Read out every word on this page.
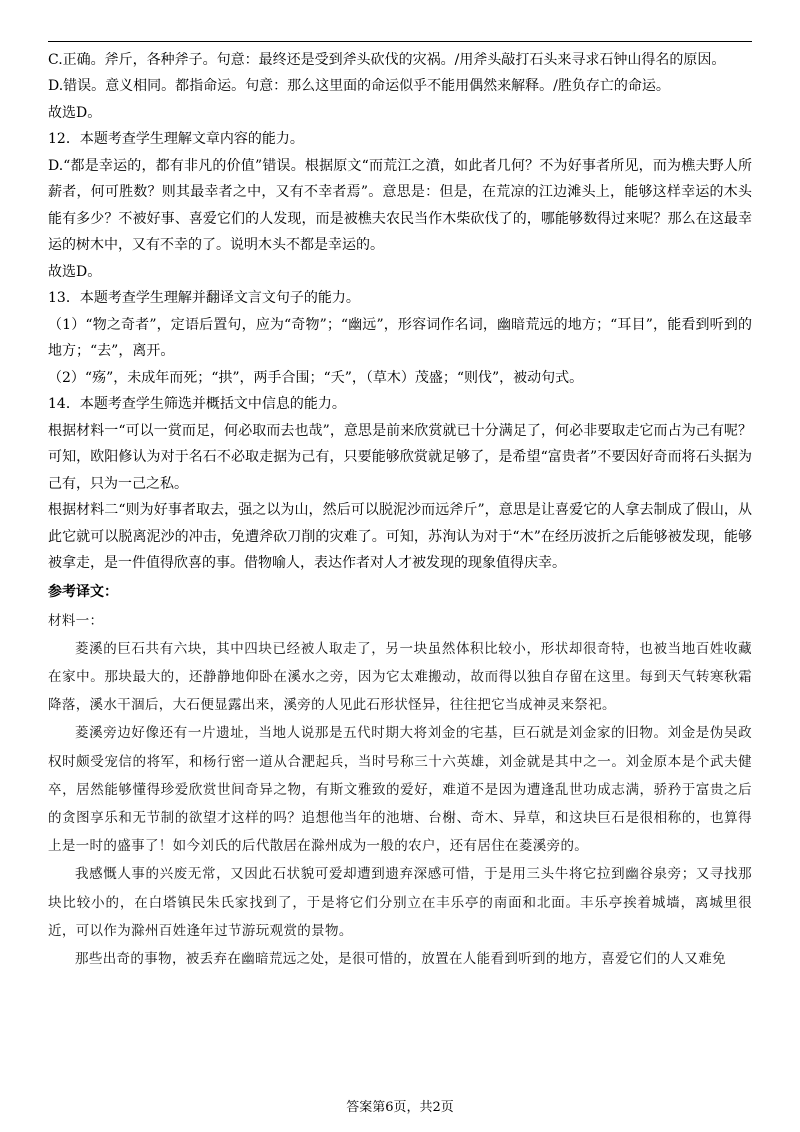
C.正确。斧斤，各种斧子。句意：最终还是受到斧头砍伐的灾祸。/用斧头敲打石头来寻求石钟山得名的原因。

D.错误。意义相同。都指命运。句意：那么这里面的命运似乎不能用偶然来解释。/胜负存亡的命运。

故选D。

12．本题考查学生理解文章内容的能力。

D.“都是幸运的，都有非凡的价值”错误。根据原文“而荒江之濆，如此者几何？不为好事者所见，而为樵夫野人所薪者，何可胜数？则其最幸者之中，又有不幸者焉”。意思是：但是，在荒凉的江边滩头上，能够这样幸运的木头能有多少？不被好事、喜爱它们的人发现，而是被樵夫农民当作木柴砍伐了的，哪能够数得过来呢？那么在这最幸运的树木中，又有不幸的了。说明木头不都是幸运的。

故选D。

13．本题考查学生理解并翻译文言文句子的能力。

（1）“物之奇者”，定语后置句，应为“奇物”；“幽远”，形容词作名词，幽暗荒远的地方；“耳目”，能看到听到的地方；“去”，离开。

（2）“殇”，未成年而死；“拱”，两手合围；“夭”，（草木）茂盛；“则伐”，被动句式。

14．本题考查学生筛选并概括文中信息的能力。

根据材料一“可以一赏而足，何必取而去也哉”，意思是前来欣赏就已十分满足了，何必非要取走它而占为己有呢？可知，欧阳修认为对于名石不必取走据为己有，只要能够欣赏就足够了，是希望“富贵者”不要因好奇而将石头据为己有，只为一己之私。

根据材料二“则为好事者取去，强之以为山，然后可以脱泥沙而远斧斤”，意思是让喜爱它的人拿去制成了假山，从此它就可以脱离泥沙的冲击，免遭斧砍刀削的灾难了。可知，苏洵认为对于“木”在经历波折之后能够被发现，能够被拿走，是一件值得欣喜的事。借物喻人，表达作者对人才被发现的现象值得庆幸。

参考译文：

材料一：

菱溪的巨石共有六块，其中四块已经被人取走了，另一块虽然体积比较小，形状却很奇特，也被当地百姓收藏在家中。那块最大的，还静静地仰卧在溪水之旁，因为它太难搬动，故而得以独自存留在这里。每到天气转寒秋霜降落，溪水干涸后，大石便显露出来，溪旁的人见此石形状怪异，往往把它当成神灵来祭祀。

菱溪旁边好像还有一片遗址，当地人说那是五代时期大将刘金的宅基，巨石就是刘金家的旧物。刘金是伪吴政权时颇受宠信的将军，和杨行密一道从合淝起兵，当时号称三十六英雄，刘金就是其中之一。刘金原本是个武夫健卒，居然能够懂得珍爱欣赏世间奇异之物，有斯文雅致的爱好，难道不是因为遭逢乱世功成志满，骄矜于富贵之后的贪图享乐和无节制的欲望才这样的吗？追想他当年的池塘、台榭、奇木、异草，和这块巨石是很相称的，也算得上是一时的盛事了！如今刘氏的后代散居在滁州成为一般的农户，还有居住在菱溪旁的。

我感慨人事的兴废无常，又因此石状貌可爱却遭到遗弃深感可惜，于是用三头牛将它拉到幽谷泉旁；又寻找那块比较小的，在白塔镇民朱氏家找到了，于是将它们分别立在丰乐亭的南面和北面。丰乐亭挨着城墙，离城里很近，可以作为滁州百姓逢年过节游玩观赏的景物。

那些出奇的事物，被丢弃在幽暗荒远之处，是很可惜的，放置在人能看到听到的地方，喜爱它们的人又难免

答案第6页，共2页
